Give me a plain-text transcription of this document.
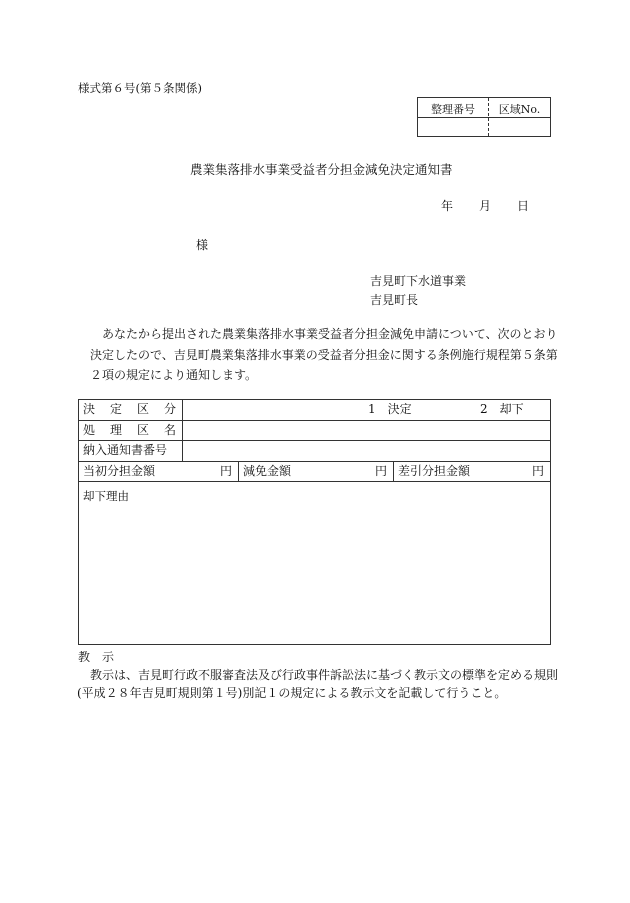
様式第６号(第５条関係)
整理番号	区域No.
農業集落排水事業受益者分担金減免決定通知書
年 月 日
様
吉見町下水道事業
吉見町長
あなたから提出された農業集落排水事業受益者分担金減免申請について、次のとおり
決定したので、吉見町農業集落排水事業の受益者分担金に関する条例施行規程第５条第
２項の規定により通知します。
決 定 区 分	1　決定	2　却下
処 理 区 名
納入通知書番号
当初分担金額	円 減免金額	円 差引分担金額	円
却下理由
教　示
教示は、吉見町行政不服審査法及び行政事件訴訟法に基づく教示文の標準を定める規則
(平成２８年吉見町規則第１号)別記１の規定による教示文を記載して行うこと。
